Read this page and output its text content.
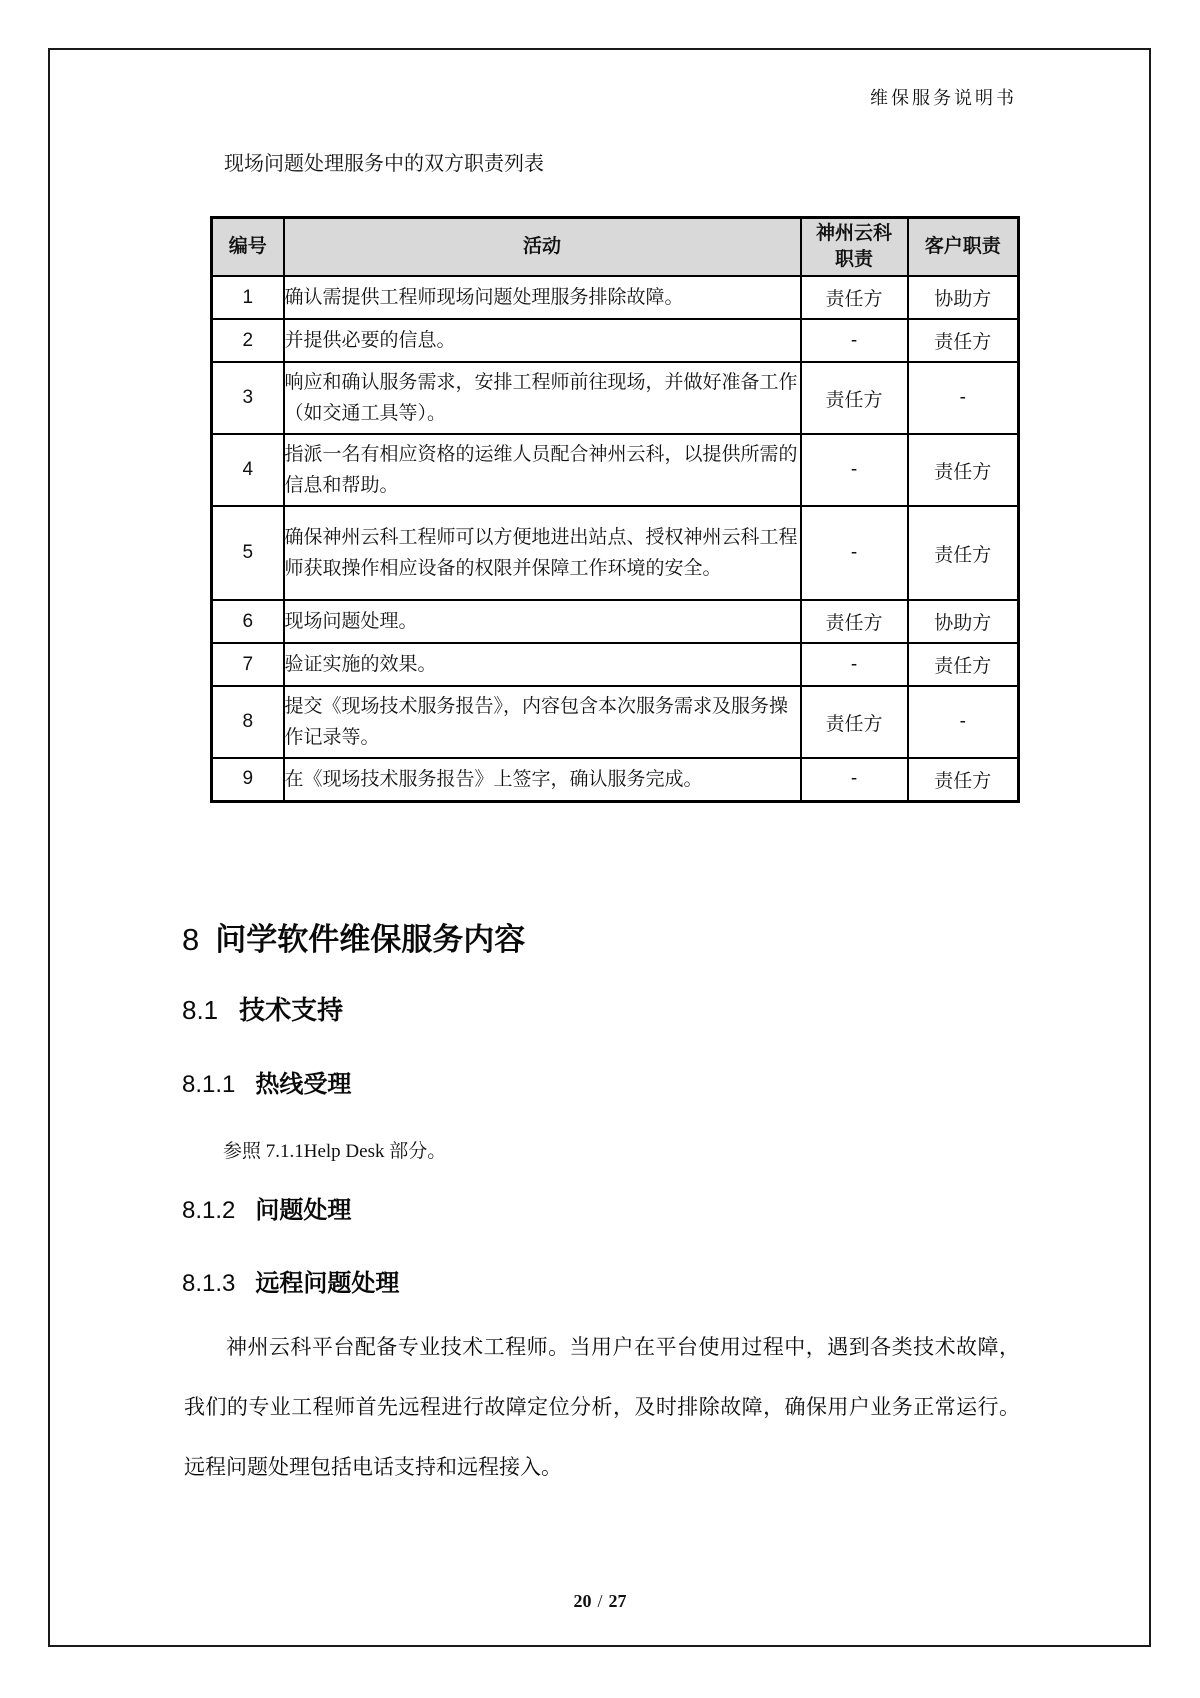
维保服务说明书
现场问题处理服务中的双方职责列表
编号	活动	神州云科职责	客户职责
1	确认需提供工程师现场问题处理服务排除故障。	责任方	协助方
2	并提供必要的信息。	-	责任方
3	响应和确认服务需求，安排工程师前往现场，并做好准备工作（如交通工具等）。	责任方	-
4	指派一名有相应资格的运维人员配合神州云科，以提供所需的信息和帮助。	-	责任方
5	确保神州云科工程师可以方便地进出站点、授权神州云科工程师获取操作相应设备的权限并保障工作环境的安全。	-	责任方
6	现场问题处理。	责任方	协助方
7	验证实施的效果。	-	责任方
8	提交《现场技术服务报告》，内容包含本次服务需求及服务操作记录等。	责任方	-
9	在《现场技术服务报告》上签字，确认服务完成。	-	责任方
8 问学软件维保服务内容
8.1 技术支持
8.1.1 热线受理
参照 7.1.1Help Desk 部分。
8.1.2 问题处理
8.1.3 远程问题处理
神州云科平台配备专业技术工程师。当用户在平台使用过程中，遇到各类技术故障，我们的专业工程师首先远程进行故障定位分析，及时排除故障，确保用户业务正常运行。远程问题处理包括电话支持和远程接入。
20 / 27
